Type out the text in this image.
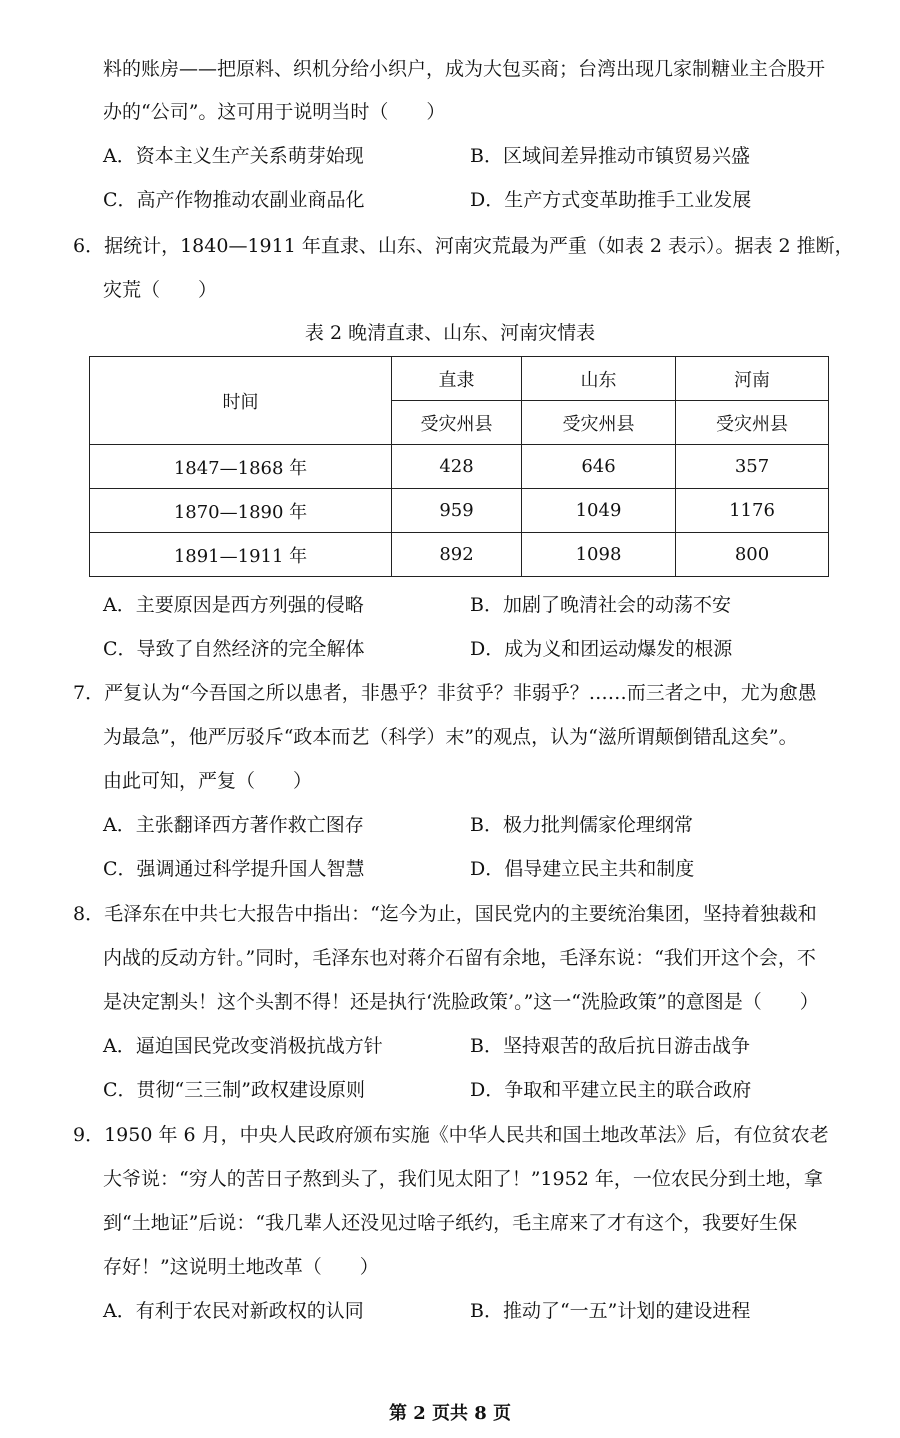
料的账房——把原料、织机分给小织户，成为大包买商；台湾出现几家制糖业主合股开
办的“公司”。这可用于说明当时（　　）
A．资本主义生产关系萌芽始现	B．区域间差异推动市镇贸易兴盛
C．高产作物推动农副业商品化	D．生产方式变革助推手工业发展
6．据统计，1840—1911 年直隶、山东、河南灾荒最为严重（如表 2 表示）。据表 2 推断，
灾荒（　　）
表 2 晚清直隶、山东、河南灾情表
时间	直隶	山东	河南
	受灾州县	受灾州县	受灾州县
1847—1868 年	428	646	357
1870—1890 年	959	1049	1176
1891—1911 年	892	1098	800
A．主要原因是西方列强的侵略	B．加剧了晚清社会的动荡不安
C．导致了自然经济的完全解体	D．成为义和团运动爆发的根源
7．严复认为“今吾国之所以患者，非愚乎？非贫乎？非弱乎？……而三者之中，尤为愈愚
为最急”，他严厉驳斥“政本而艺（科学）末”的观点，认为“滋所谓颠倒错乱这矣”。
由此可知，严复（　　）
A．主张翻译西方著作救亡图存	B．极力批判儒家伦理纲常
C．强调通过科学提升国人智慧	D．倡导建立民主共和制度
8．毛泽东在中共七大报告中指出：“迄今为止，国民党内的主要统治集团，坚持着独裁和
内战的反动方针。”同时，毛泽东也对蒋介石留有余地，毛泽东说：“我们开这个会，不
是决定割头！这个头割不得！还是执行‘洗脸政策’。”这一“洗脸政策”的意图是（　　）
A．逼迫国民党改变消极抗战方针	B．坚持艰苦的敌后抗日游击战争
C．贯彻“三三制”政权建设原则	D．争取和平建立民主的联合政府
9．1950 年 6 月，中央人民政府颁布实施《中华人民共和国土地改革法》后，有位贫农老
大爷说：“穷人的苦日子熬到头了，我们见太阳了！”1952 年，一位农民分到土地，拿
到“土地证”后说：“我几辈人还没见过啥子纸约，毛主席来了才有这个，我要好生保
存好！”这说明土地改革（　　）
A．有利于农民对新政权的认同	B．推动了“一五”计划的建设进程
第 2 页共 8 页
